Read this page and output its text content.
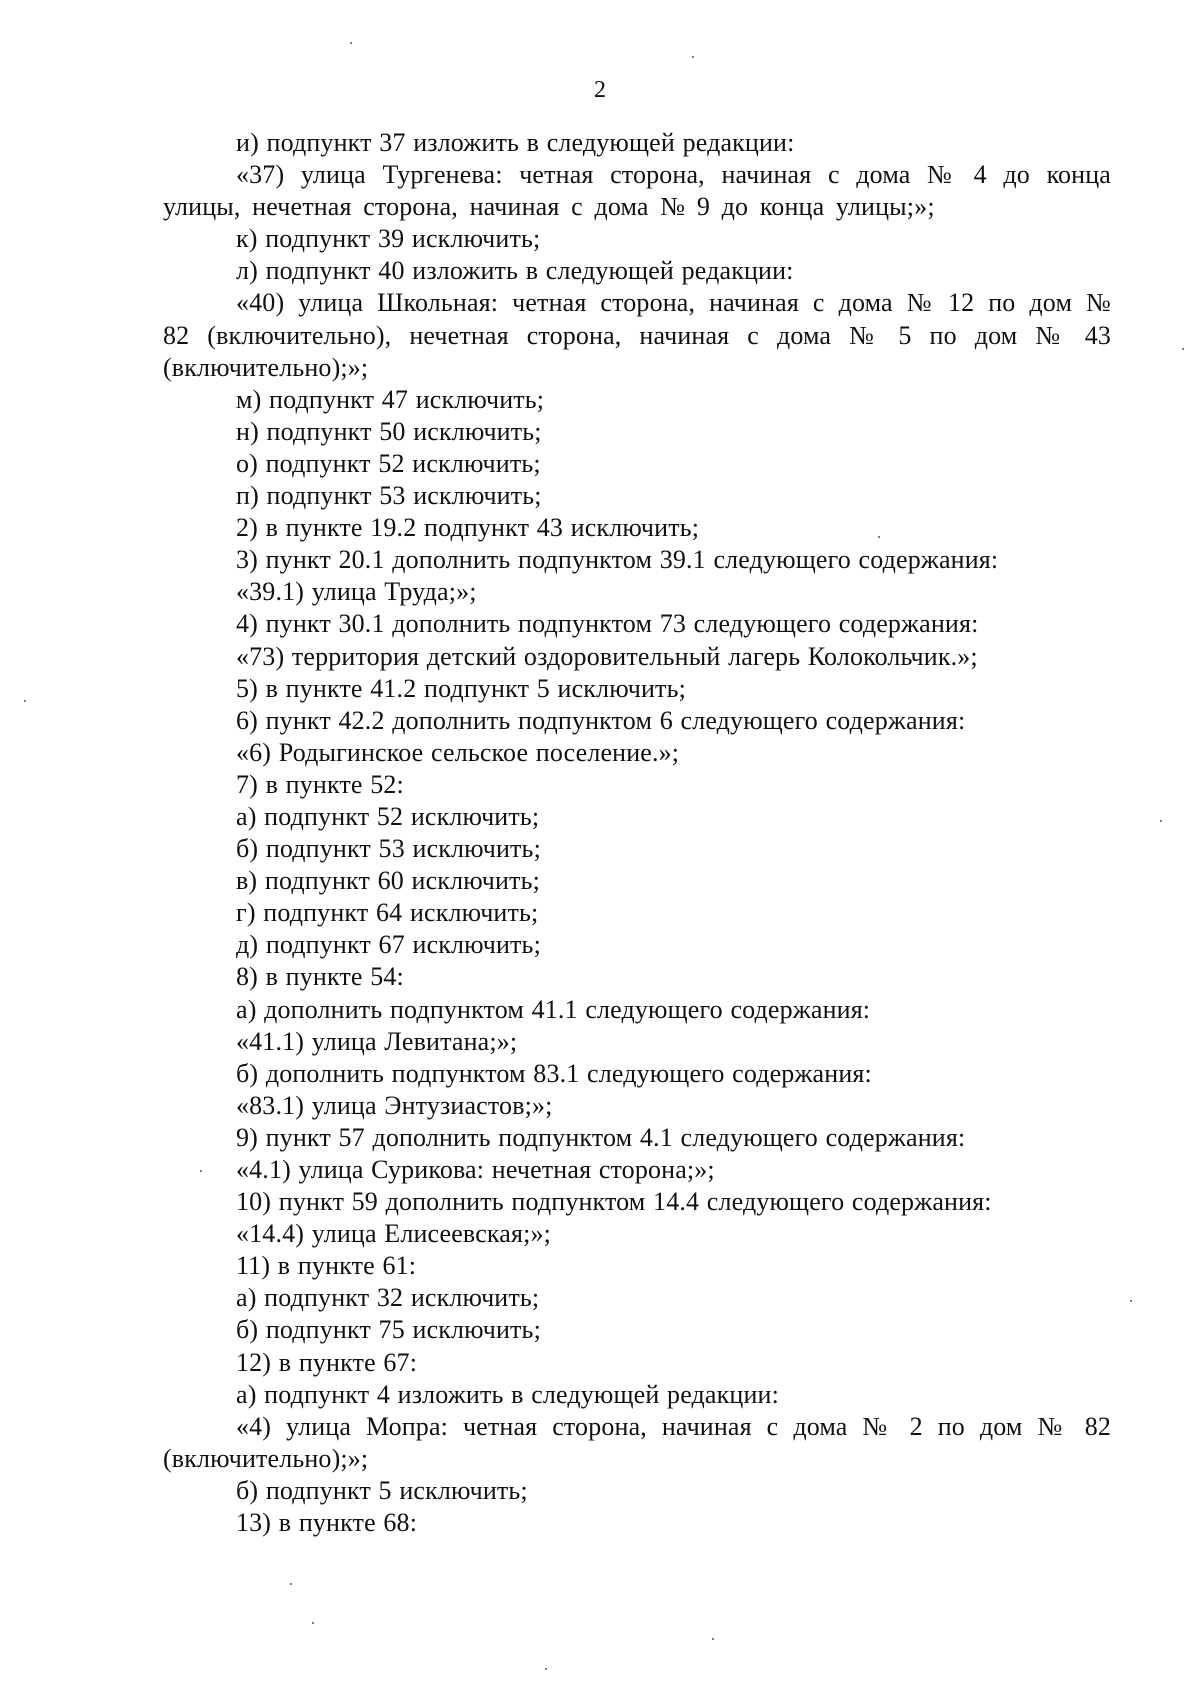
2

и) подпункт 37 изложить в следующей редакции:

«37) улица Тургенева: четная сторона, начиная с дома № 4 до конца улицы, нечетная сторона, начиная с дома № 9 до конца улицы;»;

к) подпункт 39 исключить;

л) подпункт 40 изложить в следующей редакции:

«40) улица Школьная: четная сторона, начиная с дома № 12 по дом № 82 (включительно), нечетная сторона, начиная с дома № 5 по дом № 43 (включительно);»;

м) подпункт 47 исключить;

н) подпункт 50 исключить;

о) подпункт 52 исключить;

п) подпункт 53 исключить;

2) в пункте 19.2 подпункт 43 исключить;

3) пункт 20.1 дополнить подпунктом 39.1 следующего содержания:

«39.1) улица Труда;»;

4) пункт 30.1 дополнить подпунктом 73 следующего содержания:

«73) территория детский оздоровительный лагерь Колокольчик.»;

5) в пункте 41.2 подпункт 5 исключить;

6) пункт 42.2 дополнить подпунктом 6 следующего содержания:

«6) Родыгинское сельское поселение.»;

7) в пункте 52:

а) подпункт 52 исключить;

б) подпункт 53 исключить;

в) подпункт 60 исключить;

г) подпункт 64 исключить;

д) подпункт 67 исключить;

8) в пункте 54:

а) дополнить подпунктом 41.1 следующего содержания:

«41.1) улица Левитана;»;

б) дополнить подпунктом 83.1 следующего содержания:

«83.1) улица Энтузиастов;»;

9) пункт 57 дополнить подпунктом 4.1 следующего содержания:

«4.1) улица Сурикова: нечетная сторона;»;

10) пункт 59 дополнить подпунктом 14.4 следующего содержания:

«14.4) улица Елисеевская;»;

11) в пункте 61:

а) подпункт 32 исключить;

б) подпункт 75 исключить;

12) в пункте 67:

а) подпункт 4 изложить в следующей редакции:

«4) улица Мопра: четная сторона, начиная с дома № 2 по дом № 82 (включительно);»;

б) подпункт 5 исключить;

13) в пункте 68:
